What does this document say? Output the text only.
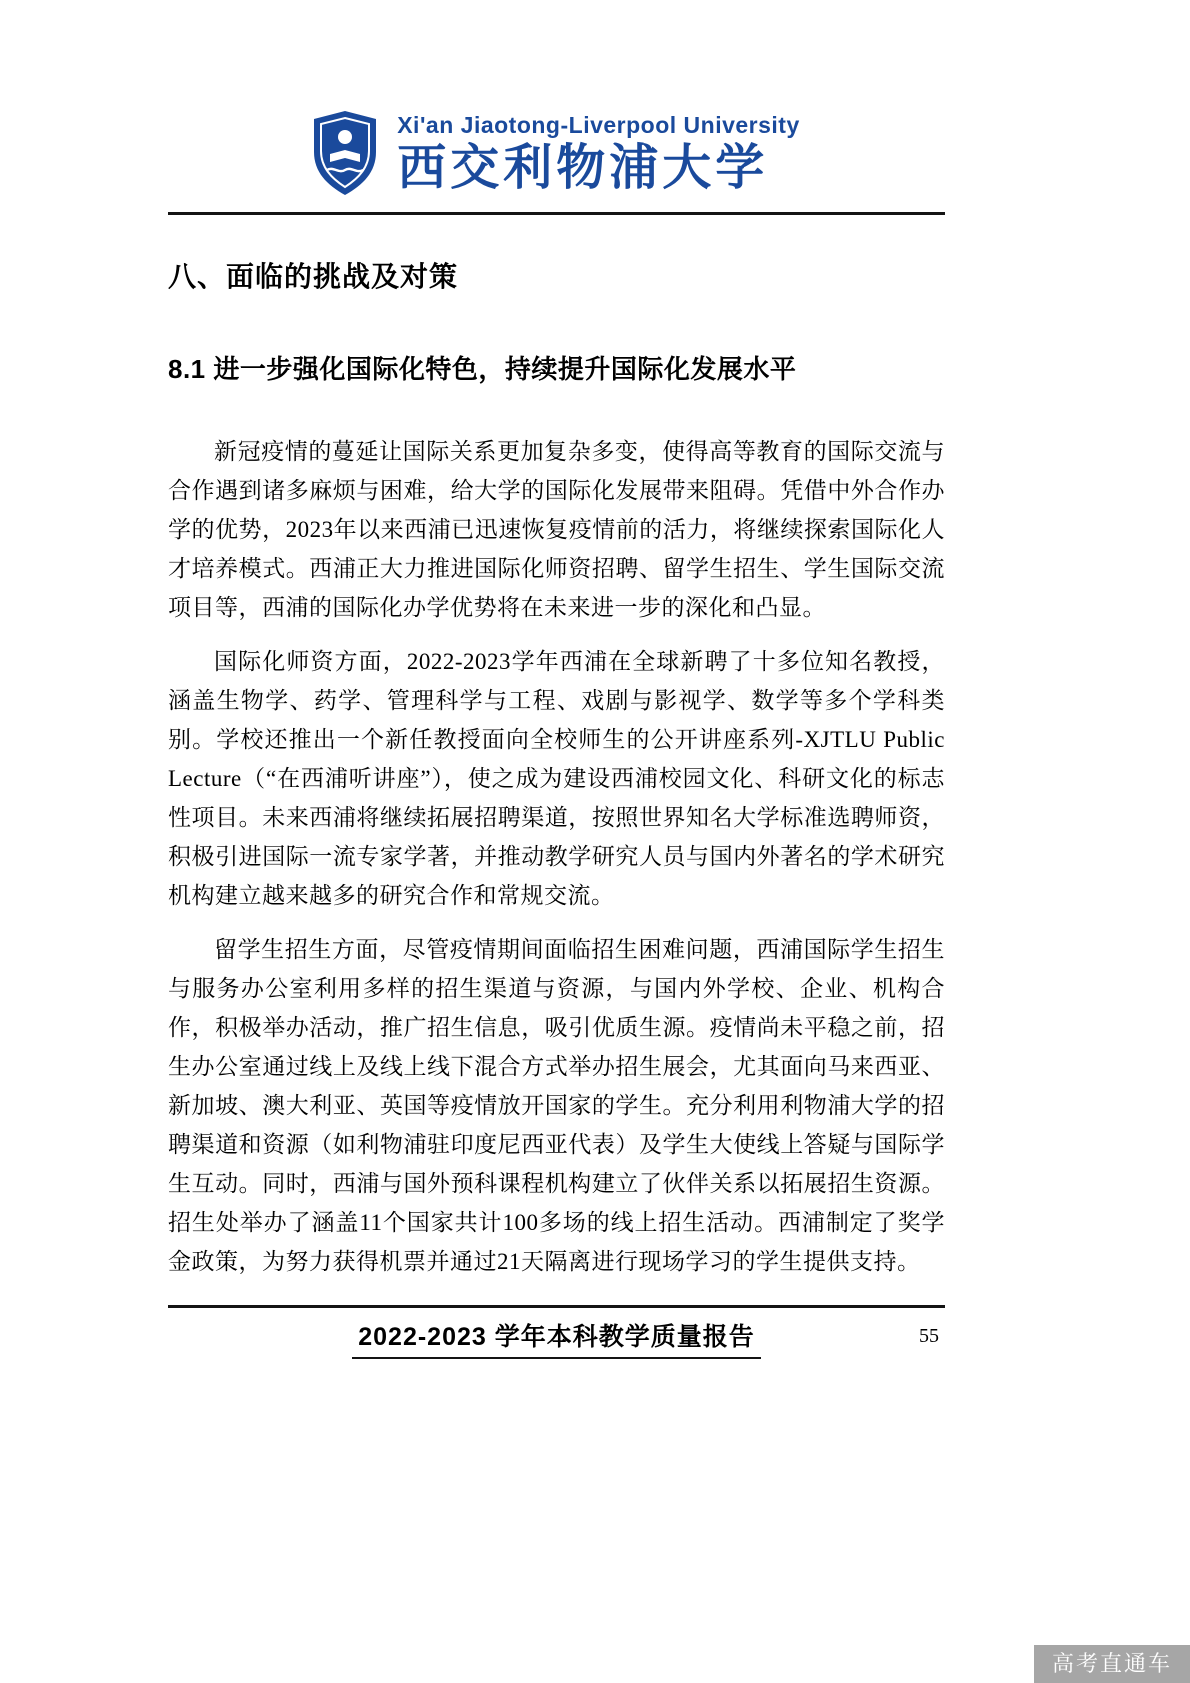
Xi'an Jiaotong-Liverpool University
西交利物浦大学
八、面临的挑战及对策
8.1 进一步强化国际化特色，持续提升国际化发展水平

新冠疫情的蔓延让国际关系更加复杂多变，使得高等教育的国际交流与合作遇到诸多麻烦与困难，给大学的国际化发展带来阻碍。凭借中外合作办学的优势，2023年以来西浦已迅速恢复疫情前的活力，将继续探索国际化人才培养模式。西浦正大力推进国际化师资招聘、留学生招生、学生国际交流项目等，西浦的国际化办学优势将在未来进一步的深化和凸显。

国际化师资方面，2022-2023学年西浦在全球新聘了十多位知名教授，涵盖生物学、药学、管理科学与工程、戏剧与影视学、数学等多个学科类别。学校还推出一个新任教授面向全校师生的公开讲座系列-XJTLU Public Lecture（“在西浦听讲座”），使之成为建设西浦校园文化、科研文化的标志性项目。未来西浦将继续拓展招聘渠道，按照世界知名大学标准选聘师资，积极引进国际一流专家学著，并推动教学研究人员与国内外著名的学术研究机构建立越来越多的研究合作和常规交流。

留学生招生方面，尽管疫情期间面临招生困难问题，西浦国际学生招生与服务办公室利用多样的招生渠道与资源，与国内外学校、企业、机构合作，积极举办活动，推广招生信息，吸引优质生源。疫情尚未平稳之前，招生办公室通过线上及线上线下混合方式举办招生展会，尤其面向马来西亚、新加坡、澳大利亚、英国等疫情放开国家的学生。充分利用利物浦大学的招聘渠道和资源（如利物浦驻印度尼西亚代表）及学生大使线上答疑与国际学生互动。同时，西浦与国外预科课程机构建立了伙伴关系以拓展招生资源。招生处举办了涵盖11个国家共计100多场的线上招生活动。西浦制定了奖学金政策，为努力获得机票并通过21天隔离进行现场学习的学生提供支持。

2022-2023 学年本科教学质量报告	55
高考直通车
